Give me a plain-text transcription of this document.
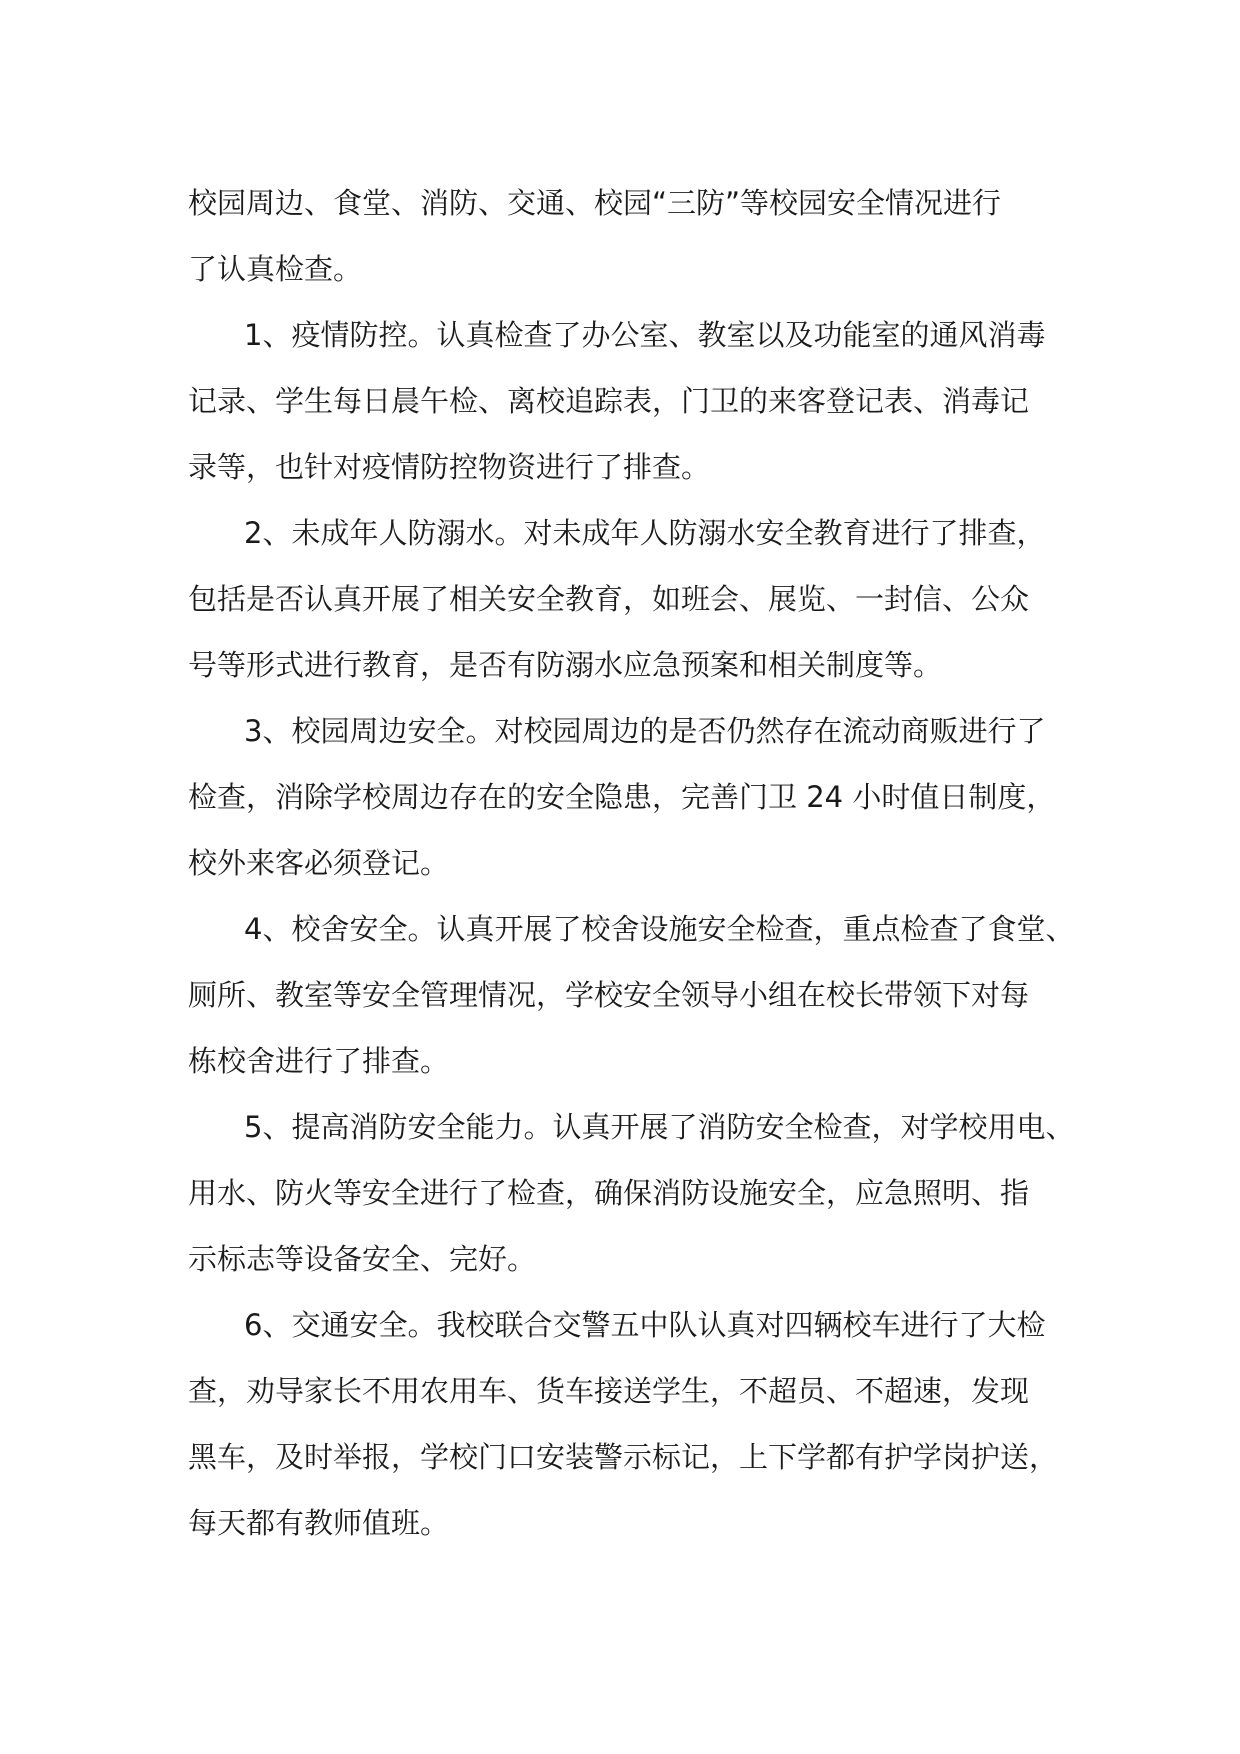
校园周边、食堂、消防、交通、校园“三防”等校园安全情况进行
了认真检查。
1、疫情防控。认真检查了办公室、教室以及功能室的通风消毒
记录、学生每日晨午检、离校追踪表，门卫的来客登记表、消毒记
录等，也针对疫情防控物资进行了排查。
2、未成年人防溺水。对未成年人防溺水安全教育进行了排查，
包括是否认真开展了相关安全教育，如班会、展览、一封信、公众
号等形式进行教育，是否有防溺水应急预案和相关制度等。
3、校园周边安全。对校园周边的是否仍然存在流动商贩进行了
检查，消除学校周边存在的安全隐患，完善门卫 24 小时值日制度，
校外来客必须登记。
4、校舍安全。认真开展了校舍设施安全检查，重点检查了食堂、
厕所、教室等安全管理情况，学校安全领导小组在校长带领下对每
栋校舍进行了排查。
5、提高消防安全能力。认真开展了消防安全检查，对学校用电、
用水、防火等安全进行了检查，确保消防设施安全，应急照明、指
示标志等设备安全、完好。
6、交通安全。我校联合交警五中队认真对四辆校车进行了大检
查，劝导家长不用农用车、货车接送学生，不超员、不超速，发现
黑车，及时举报，学校门口安装警示标记，上下学都有护学岗护送，
每天都有教师值班。
